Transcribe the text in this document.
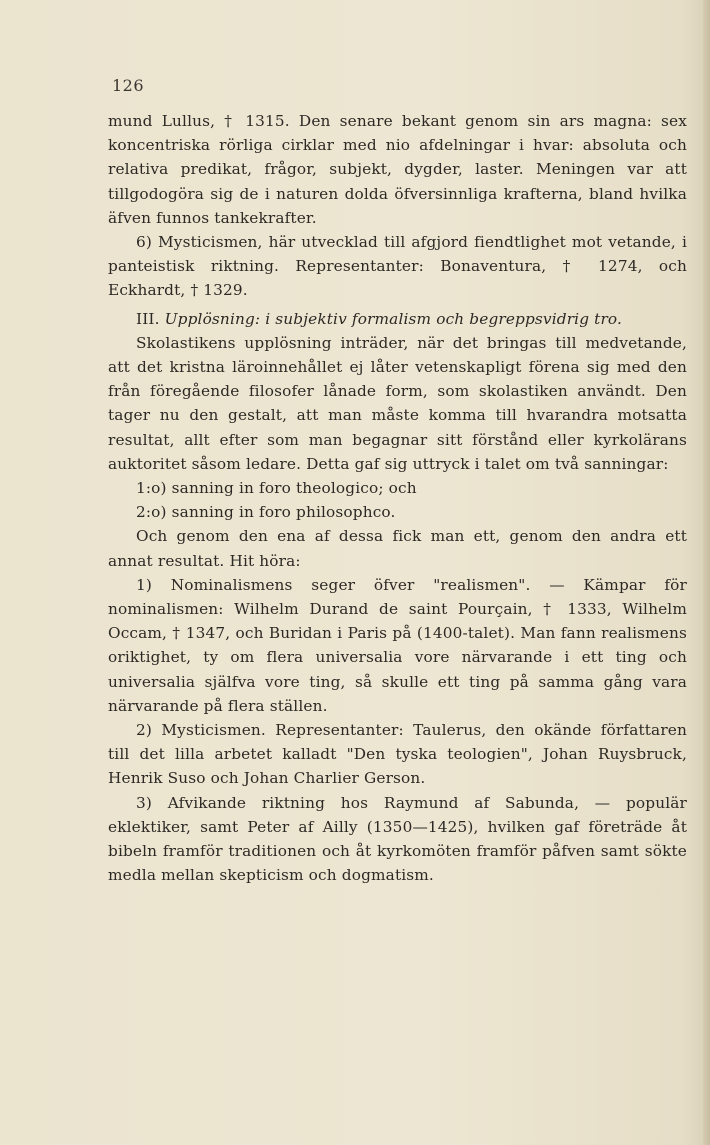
126

mund Lullus, † 1315. Den senare bekant genom sin ars magna: sex koncentriska rörliga cirklar med nio afdelningar i hvar: absoluta och relativa predikat, frågor, subjekt, dygder, laster. Meningen var att tillgodogöra sig de i naturen dolda öfversinnliga krafterna, bland hvilka äfven funnos tankekrafter.

6) Mysticismen, här utvecklad till afgjord fiendtlighet mot vetande, i panteistisk riktning. Representanter: Bonaventura, † 1274, och Eckhardt, † 1329.

III. Upplösning: i subjektiv formalism och begreppsvidrig tro.

Skolastikens upplösning inträder, när det bringas till medvetande, att det kristna läroinnehållet ej låter vetenskapligt förena sig med den från föregående filosofer lånade form, som skolastiken användt. Den tager nu den gestalt, att man måste komma till hvarandra motsatta resultat, allt efter som man begagnar sitt förstånd eller kyrkolärans auktoritet såsom ledare. Detta gaf sig uttryck i talet om två sanningar:

1:o) sanning in foro theologico; och

2:o) sanning in foro philosophco.

Och genom den ena af dessa fick man ett, genom den andra ett annat resultat. Hit höra:

1) Nominalismens seger öfver "realismen". — Kämpar för nominalismen: Wilhelm Durand de saint Pourçain, † 1333, Wilhelm Occam, † 1347, och Buridan i Paris på (1400-talet). Man fann realismens oriktighet, ty om flera universalia vore närvarande i ett ting och universalia själfva vore ting, så skulle ett ting på samma gång vara närvarande på flera ställen.

2) Mysticismen. Representanter: Taulerus, den okände författaren till det lilla arbetet kalladt "Den tyska teologien", Johan Ruysbruck, Henrik Suso och Johan Charlier Gerson.

3) Afvikande riktning hos Raymund af Sabunda, — populär eklektiker, samt Peter af Ailly (1350—1425), hvilken gaf företräde åt bibeln framför traditionen och åt kyrkomöten framför påfven samt sökte medla mellan skepticism och dogmatism.
